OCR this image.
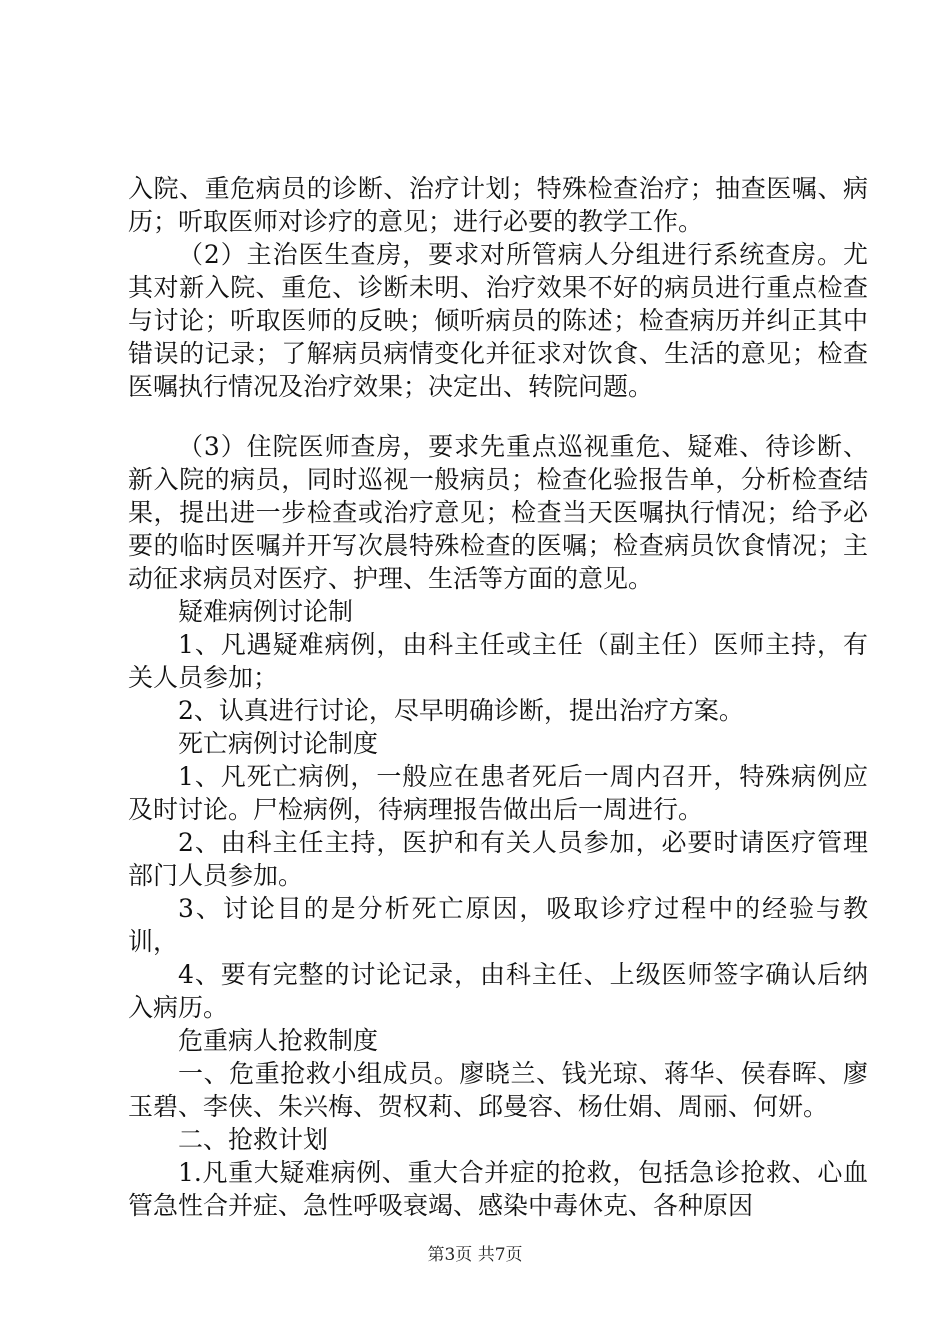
入院、重危病员的诊断、治疗计划；特殊检查治疗；抽查医嘱、病历；听取医师对诊疗的意见；进行必要的教学工作。

（2）主治医生查房，要求对所管病人分组进行系统查房。尤其对新入院、重危、诊断未明、治疗效果不好的病员进行重点检查与讨论；听取医师的反映；倾听病员的陈述；检查病历并纠正其中错误的记录；了解病员病情变化并征求对饮食、生活的意见；检查医嘱执行情况及治疗效果；决定出、转院问题。

（3）住院医师查房，要求先重点巡视重危、疑难、待诊断、新入院的病员，同时巡视一般病员；检查化验报告单，分析检查结果，提出进一步检查或治疗意见；检查当天医嘱执行情况；给予必要的临时医嘱并开写次晨特殊检查的医嘱；检查病员饮食情况；主动征求病员对医疗、护理、生活等方面的意见。

疑难病例讨论制

1、凡遇疑难病例，由科主任或主任（副主任）医师主持，有关人员参加；

2、认真进行讨论，尽早明确诊断，提出治疗方案。

死亡病例讨论制度

1、凡死亡病例，一般应在患者死后一周内召开，特殊病例应及时讨论。尸检病例，待病理报告做出后一周进行。

2、由科主任主持，医护和有关人员参加，必要时请医疗管理部门人员参加。

3、讨论目的是分析死亡原因，吸取诊疗过程中的经验与教训，

4、要有完整的讨论记录，由科主任、上级医师签字确认后纳入病历。

危重病人抢救制度

一、危重抢救小组成员。廖晓兰、钱光琼、蒋华、侯春晖、廖玉碧、李侠、朱兴梅、贺权莉、邱曼容、杨仕娟、周丽、何妍。

二、抢救计划

1.凡重大疑难病例、重大合并症的抢救，包括急诊抢救、心血管急性合并症、急性呼吸衰竭、感染中毒休克、各种原因

第3页 共7页
